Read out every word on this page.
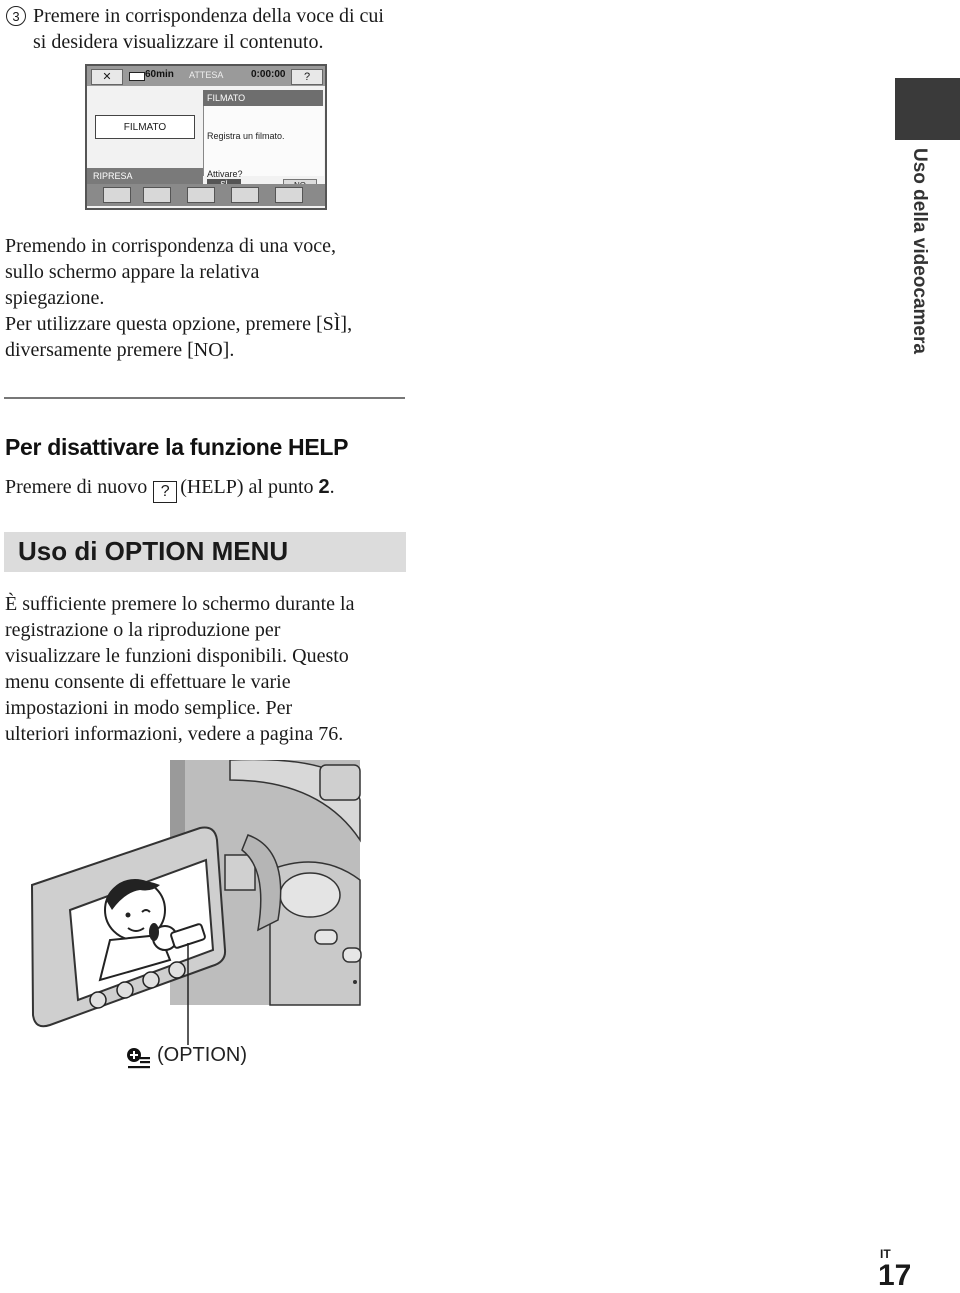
3 Premere in corrispondenza della voce di cui
si desidera visualizzare il contenuto.
✕	60min ATTESA	0:00:00	?
FILMATO
Registra un filmato.
Attivare?
FILMATO
RIPRESA
Premendo in corrispondenza di una voce,
sullo schermo appare la relativa
spiegazione.
Per utilizzare questa opzione, premere [SÌ],
diversamente premere [NO].	Uso della videocamera
Per disattivare la funzione HELP
Premere di nuovo ? (HELP) al punto 2.
Uso di OPTION MENU
È sufficiente premere lo schermo durante la
registrazione o la riproduzione per
visualizzare le funzioni disponibili. Questo
menu consente di effettuare le varie
impostazioni in modo semplice. Per
ulteriori informazioni, vedere a pagina 76.
(OPTION)
IT
17
